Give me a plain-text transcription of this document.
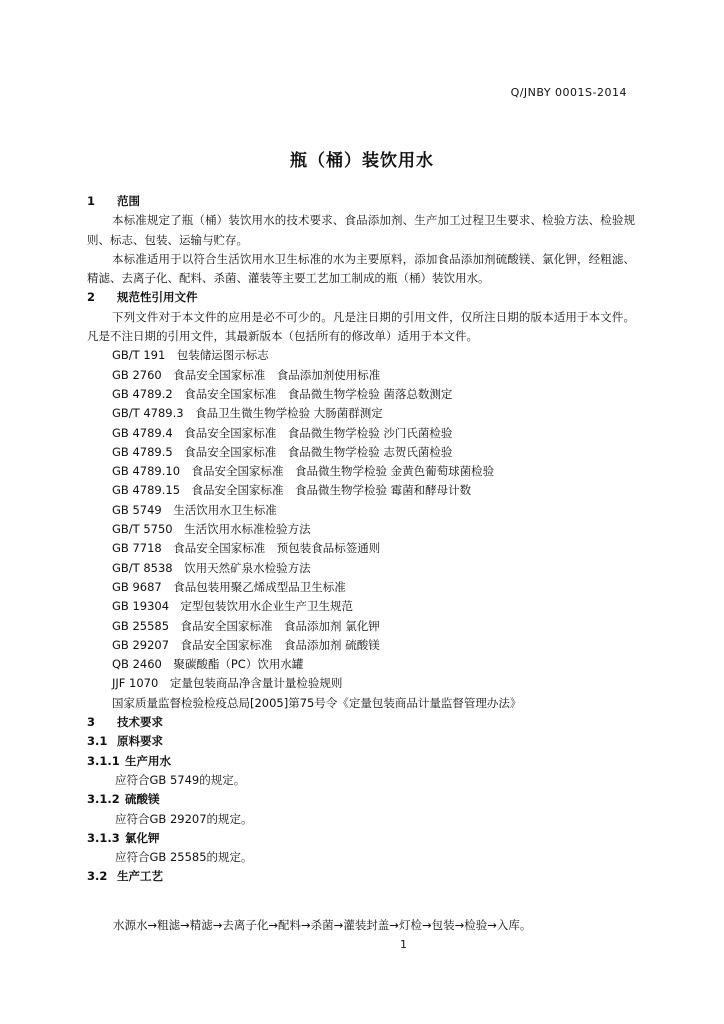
Q/JNBY 0001S-2014
瓶（桶）装饮用水
1 范围

本标准规定了瓶（桶）装饮用水的技术要求、食品添加剂、生产加工过程卫生要求、检验方法、检验规则、标志、包装、运输与贮存。

本标准适用于以符合生活饮用水卫生标准的水为主要原料，添加食品添加剂硫酸镁、氯化钾，经粗滤、精滤、去离子化、配料、杀菌、灌装等主要工艺加工制成的瓶（桶）装饮用水。

2 规范性引用文件

下列文件对于本文件的应用是必不可少的。凡是注日期的引用文件，仅所注日期的版本适用于本文件。凡是不注日期的引用文件，其最新版本（包括所有的修改单）适用于本文件。

GB/T 191　包装储运图示标志

GB 2760　食品安全国家标准　食品添加剂使用标准

GB 4789.2　食品安全国家标准　食品微生物学检验 菌落总数测定

GB/T 4789.3　食品卫生微生物学检验 大肠菌群测定

GB 4789.4　食品安全国家标准　食品微生物学检验 沙门氏菌检验

GB 4789.5　食品安全国家标准　食品微生物学检验 志贺氏菌检验

GB 4789.10　食品安全国家标准　食品微生物学检验 金黄色葡萄球菌检验

GB 4789.15　食品安全国家标准　食品微生物学检验 霉菌和酵母计数

GB 5749　生活饮用水卫生标准

GB/T 5750　生活饮用水标准检验方法

GB 7718　食品安全国家标准　预包装食品标签通则

GB/T 8538　饮用天然矿泉水检验方法

GB 9687　食品包装用聚乙烯成型品卫生标准

GB 19304　定型包装饮用水企业生产卫生规范

GB 25585　食品安全国家标准　食品添加剂 氯化钾

GB 29207　食品安全国家标准　食品添加剂 硫酸镁

QB 2460　聚碳酸酯（PC）饮用水罐

JJF 1070　定量包装商品净含量计量检验规则

国家质量监督检验检疫总局[2005]第75号令《定量包装商品计量监督管理办法》

3 技术要求
3.1 原料要求
3.1.1 生产用水

应符合GB 5749的规定。

3.1.2 硫酸镁

应符合GB 29207的规定。

3.1.3 氯化钾

应符合GB 25585的规定。

3.2 生产工艺
水源水→粗滤→精滤→去离子化→配料→杀菌→灌装封盖→灯检→包装→检验→入库。
1
